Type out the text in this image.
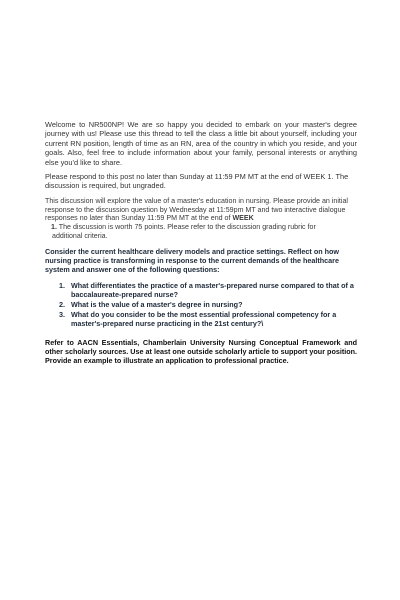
Welcome to NR500NP! We are so happy you decided to embark on your master's degree journey with us! Please use this thread to tell the class a little bit about yourself, including your current RN position, length of time as an RN, area of the country in which you reside, and your goals. Also, feel free to include information about your family, personal interests or anything else you'd like to share.

Please respond to this post no later than Sunday at 11:59 PM MT at the end of WEEK 1. The discussion is required, but ungraded.

This discussion will explore the value of a master's education in nursing. Please provide an initial response to the discussion question by Wednesday at 11:59pm MT and two interactive dialogue responses no later than Sunday 11:59 PM MT at the end of WEEK
1. The discussion is worth 75 points. Please refer to the discussion grading rubric for
additional criteria.

Consider the current healthcare delivery models and practice settings. Reflect on how nursing practice is transforming in response to the current demands of the healthcare system and answer one of the following questions:

1. What differentiates the practice of a master's-prepared nurse compared to that of a baccalaureate-prepared nurse?
2. What is the value of a master's degree in nursing?
3. What do you consider to be the most essential professional competency for a master's-prepared nurse practicing in the 21st century?\

Refer to AACN Essentials, Chamberlain University Nursing Conceptual Framework and other scholarly sources. Use at least one outside scholarly article to support your position. Provide an example to illustrate an application to professional practice.
